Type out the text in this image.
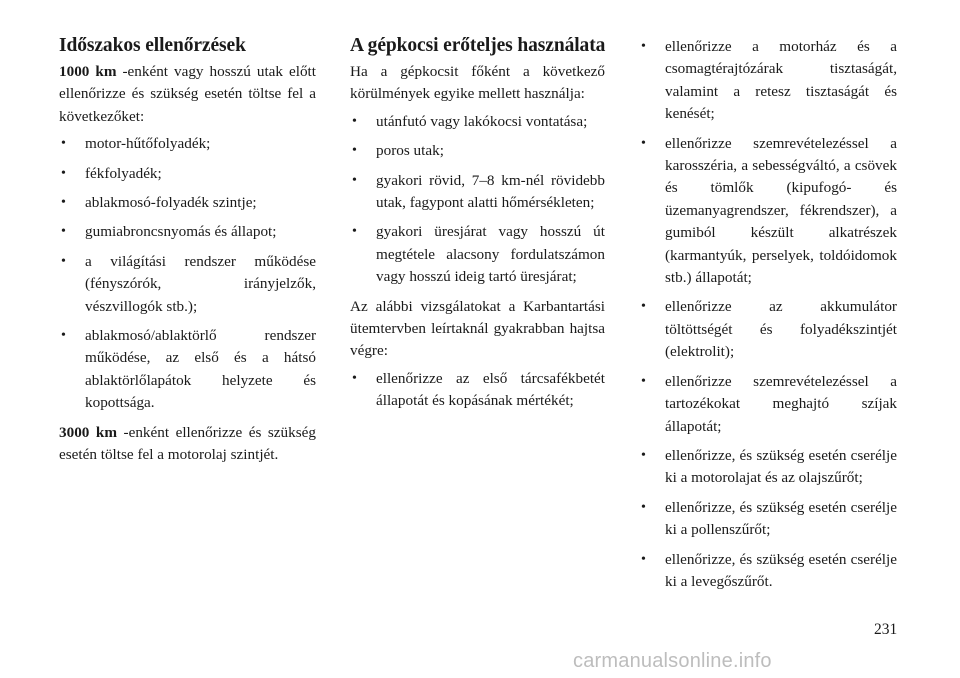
Időszakos ellenőrzések

1000 km -enként vagy hosszú utak előtt ellenőrizze és szükség esetén töltse fel a következőket:

• motor-hűtőfolyadék;
• fékfolyadék;
• ablakmosó-folyadék szintje;
• gumiabroncsnyomás és állapot;
• a világítási rendszer működése (fényszórók, irányjelzők, vészvillogók stb.);
• ablakmosó/ablaktörlő rendszer működése, az első és a hátsó ablaktörlőlapátok helyzete és kopottsága.

3000 km -enként ellenőrizze és szükség esetén töltse fel a motorolaj szintjét.

A gépkocsi erőteljes használata

Ha a gépkocsit főként a következő körülmények egyike mellett használja:

• utánfutó vagy lakókocsi vontatása;
• poros utak;
• gyakori rövid, 7–8 km-nél rövidebb utak, fagypont alatti hőmérsékleten;
• gyakori üresjárat vagy hosszú út megtétele alacsony fordulatszámon vagy hosszú ideig tartó üresjárat;

Az alábbi vizsgálatokat a Karbantartási ütemtervben leírtaknál gyakrabban hajtsa végre:

• ellenőrizze az első tárcsafékbetét állapotát és kopásának mértékét;
• ellenőrizze a motorház és a csomagtérajtózárak tisztaságát, valamint a retesz tisztaságát és kenését;
• ellenőrizze szemrevételezéssel a karosszéria, a sebességváltó, a csövek és tömlők (kipufogó- és üzemanyagrendszer, fékrendszer), a gumiból készült alkatrészek (karmantyúk, perselyek, toldóidomok stb.) állapotát;
• ellenőrizze az akkumulátor töltöttségét és folyadékszintjét (elektrolit);
• ellenőrizze szemrevételezéssel a tartozékokat meghajtó szíjak állapotát;
• ellenőrizze, és szükség esetén cserélje ki a motorolajat és az olajszűrőt;
• ellenőrizze, és szükség esetén cserélje ki a pollenszűrőt;
• ellenőrizze, és szükség esetén cserélje ki a levegőszűrőt.
231
carmanualsonline.info
